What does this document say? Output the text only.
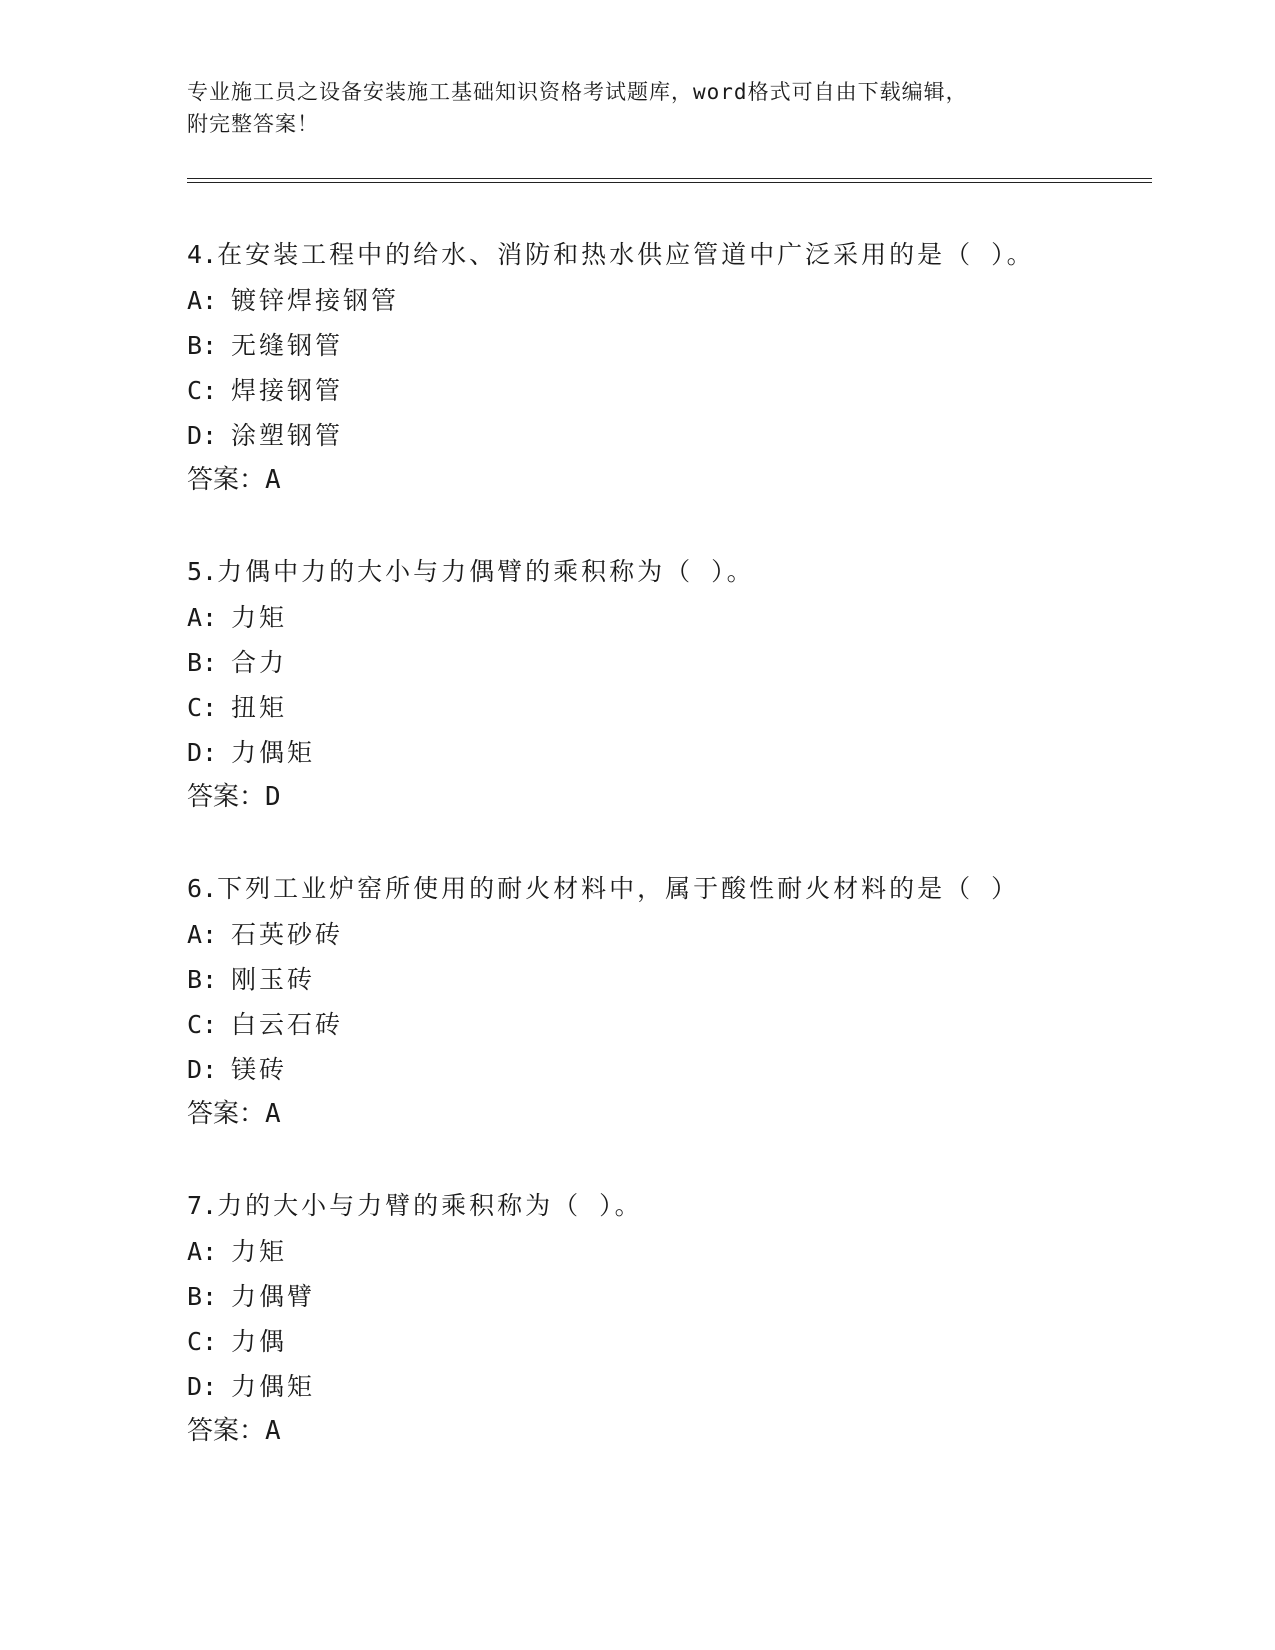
专业施工员之设备安装施工基础知识资格考试题库，word格式可自由下载编辑，
附完整答案！
4.在安装工程中的给水、消防和热水供应管道中广泛采用的是（ ）。
A: 镀锌焊接钢管
B: 无缝钢管
C: 焊接钢管
D: 涂塑钢管
答案：A
5.力偶中力的大小与力偶臂的乘积称为（ ）。
A: 力矩
B: 合力
C: 扭矩
D: 力偶矩
答案：D
6.下列工业炉窑所使用的耐火材料中，属于酸性耐火材料的是（ ）
A: 石英砂砖
B: 刚玉砖
C: 白云石砖
D: 镁砖
答案：A
7.力的大小与力臂的乘积称为（ ）。
A: 力矩
B: 力偶臂
C: 力偶
D: 力偶矩
答案：A
